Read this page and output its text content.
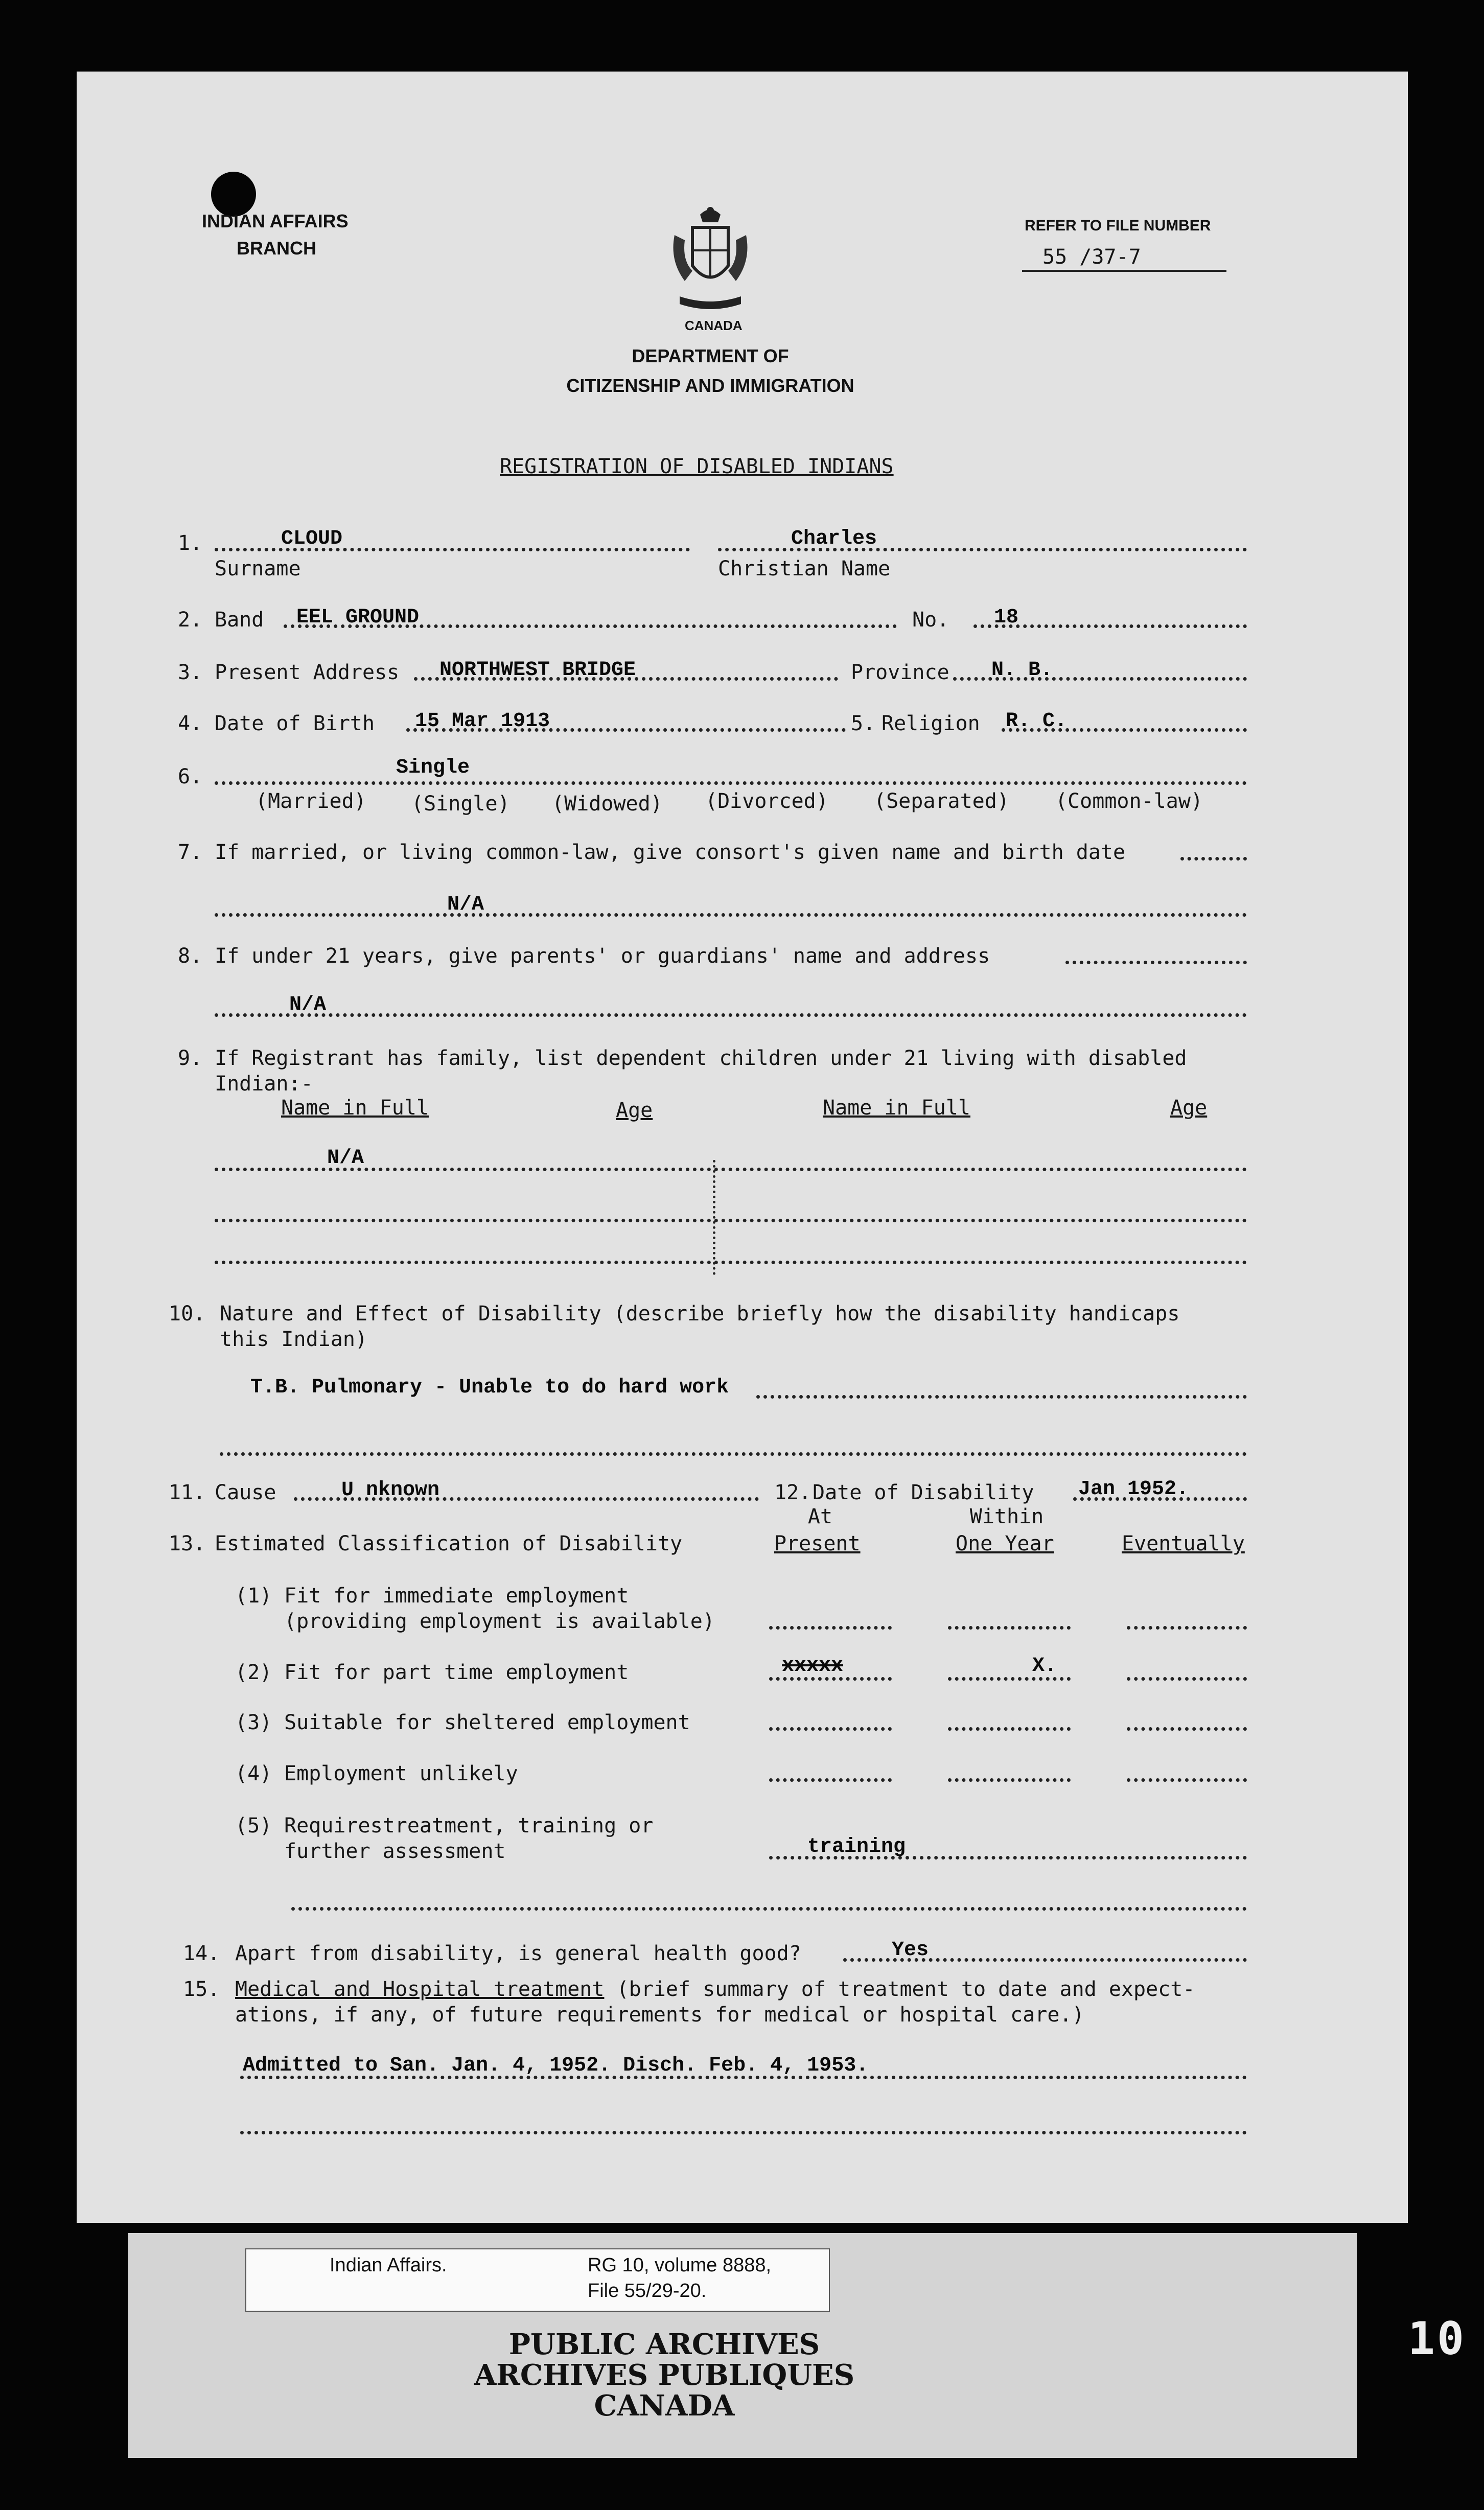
INDIAN AFFAIRS
BRANCH
CANADA
DEPARTMENT OF
CITIZENSHIP AND IMMIGRATION
REFER TO FILE NUMBER
55 /37-7
REGISTRATION OF DISABLED INDIANS
1.	CLOUD
Surname
Charles
Christian Name
2. Band EEL GROUND	No. 18
3. Present Address NORTHWEST BRIDGE	Province N. B.
4. Date of Birth 15 Mar 1913	5. Religion R. C.
6.	Single
(Married) (Single) (Widowed) (Divorced) (Separated) (Common-law)
7. If married, or living common-law, give consort's given name and birth date
N/A
8. If under 21 years, give parents' or guardians' name and address
N/A
9. If Registrant has family, list dependent children under 21 living with disabled
Indian:-
Name in Full	Age	Name in Full	Age
N/A
10. Nature and Effect of Disability (describe briefly how the disability handicaps
this Indian)
T.B. Pulmonary - Unable to do hard work
11. Cause	U nknown	12. Date of Disability Jan 1952.
At	Within
13. Estimated Classification of Disability	Present	One Year	Eventually
(1) Fit for immediate employment
(providing employment is available)
(2) Fit for part time employment	xxxxx	X.
(3) Suitable for sheltered employment
(4) Employment unlikely
(5) Requirestreatment, training or
further assessment	training
14. Apart from disability, is general health good?	Yes
15. Medical and Hospital treatment (brief summary of treatment to date and expect-
ations, if any, of future requirements for medical or hospital care.)
Admitted to San. Jan. 4, 1952. Disch. Feb. 4, 1953.
Indian Affairs.	RG 10, volume 8888,
File 55/29-20.
PUBLIC ARCHIVES
ARCHIVES PUBLIQUES
CANADA
10
